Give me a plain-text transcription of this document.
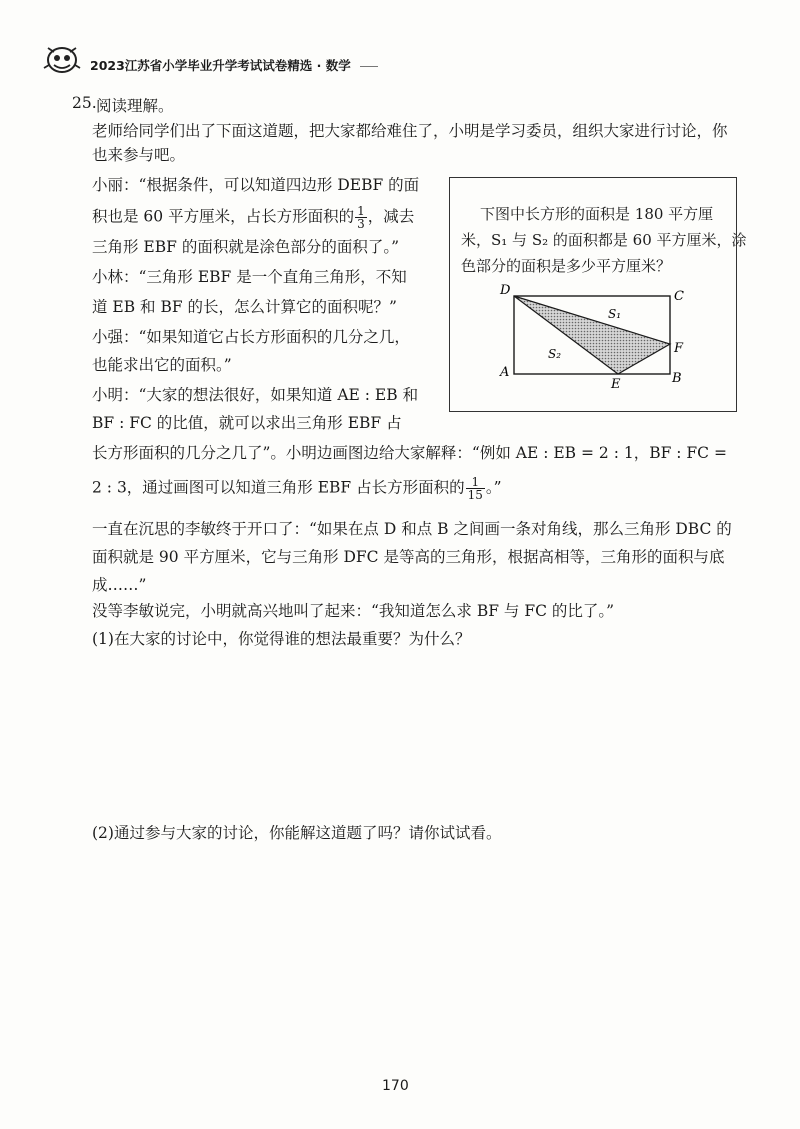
2023江苏省小学毕业升学考试试卷精选 · 数学
25. 阅读理解。
老师给同学们出了下面这道题，把大家都给难住了，小明是学习委员，组织大家进行讨论，你
也来参与吧。
小丽：“根据条件，可以知道四边形 DEBF 的面
积也是 60 平方厘米，占长方形面积的 $\frac{1}{3}$ ，减去
三角形 EBF 的面积就是涂色部分的面积了。”
小林：“三角形 EBF 是一个直角三角形，不知
道 EB 和 BF 的长，怎么计算它的面积呢？”
小强：“如果知道它占长方形面积的几分之几，
也能求出它的面积。”
小明：“大家的想法很好，如果知道 AE : EB 和
BF : FC 的比值，就可以求出三角形 EBF 占
长方形面积的几分之几了”。小明边画图边给大家解释：“例如 AE : EB = 2 : 1，BF : FC =
2 : 3，通过画图可以知道三角形 EBF 占长方形面积的 $\frac{1}{15}$ 。”
一直在沉思的李敏终于开口了：“如果在点 D 和点 B 之间画一条对角线，那么三角形 DBC 的
面积就是 90 平方厘米，它与三角形 DFC 是等高的三角形，根据高相等，三角形的面积与底
成……”
没等李敏说完，小明就高兴地叫了起来：“我知道怎么求 BF 与 FC 的比了。”
(1)在大家的讨论中，你觉得谁的想法最重要？为什么？
(2)通过参与大家的讨论，你能解这道题了吗？请你试试看。
下图中长方形的面积是 180 平方厘
米，S₁ 与 S₂ 的面积都是 60 平方厘米，涂
色部分的面积是多少平方厘米？
D	C
F
A
E	B
S₁
S₂
170
